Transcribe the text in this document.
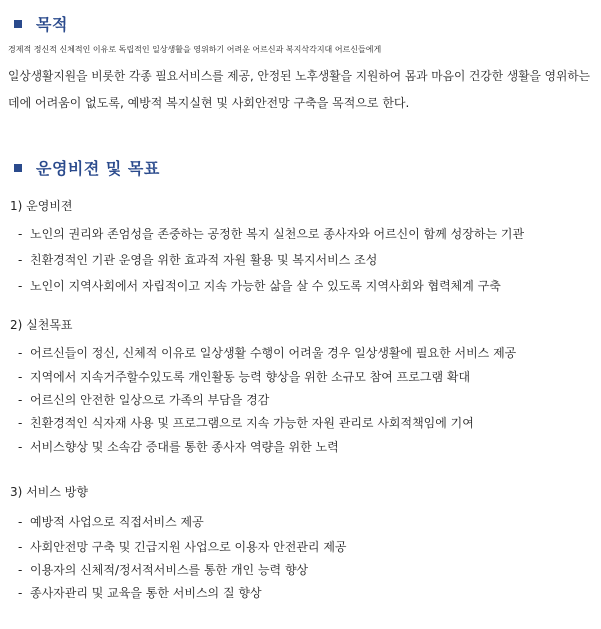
목적
경제적 정신적 신체적인 이유로 독립적인 일상생활을 영위하기 어려운 어르신과 복지삭각지대 어르신들에게
일상생활지원을 비롯한 각종 필요서비스를 제공, 안정된 노후생활을 지원하여 몸과 마음이 건강한 생활을 영위하는
데에 어려움이 없도록, 예방적 복지실현 및 사회안전망 구축을 목적으로 한다.
운영비젼 및 목표
1) 운영비젼
- 노인의 권리와 존엄성을 존중하는 공정한 복지 실천으로 종사자와 어르신이 함께 성장하는 기관
- 친환경적인 기관 운영을 위한 효과적 자원 활용 및 복지서비스 조성
- 노인이 지역사회에서 자립적이고 지속 가능한 삶을 살 수 있도록 지역사회와 협력체계 구축
2) 실천목표
- 어르신들이 정신, 신체적 이유로 일상생활 수행이 어려울 경우 일상생활에 필요한 서비스 제공
- 지역에서 지속거주할수있도록 개인활동 능력 향상을 위한 소규모 참여 프로그램 확대
- 어르신의 안전한 일상으로 가족의 부담을 경감
- 친환경적인 식자재 사용 및 프로그램으로 지속 가능한 자원 관리로 사회적책임에 기여
- 서비스향상 및 소속감 증대를 통한 종사자 역량을 위한 노력
3) 서비스 방향
- 예방적 사업으로 직접서비스 제공
- 사회안전망 구축 및 긴급지원 사업으로 이용자 안전관리 제공
- 이용자의 신체적/정서적서비스를 통한 개인 능력 향상
- 종사자관리 및 교육을 통한 서비스의 질 향상
